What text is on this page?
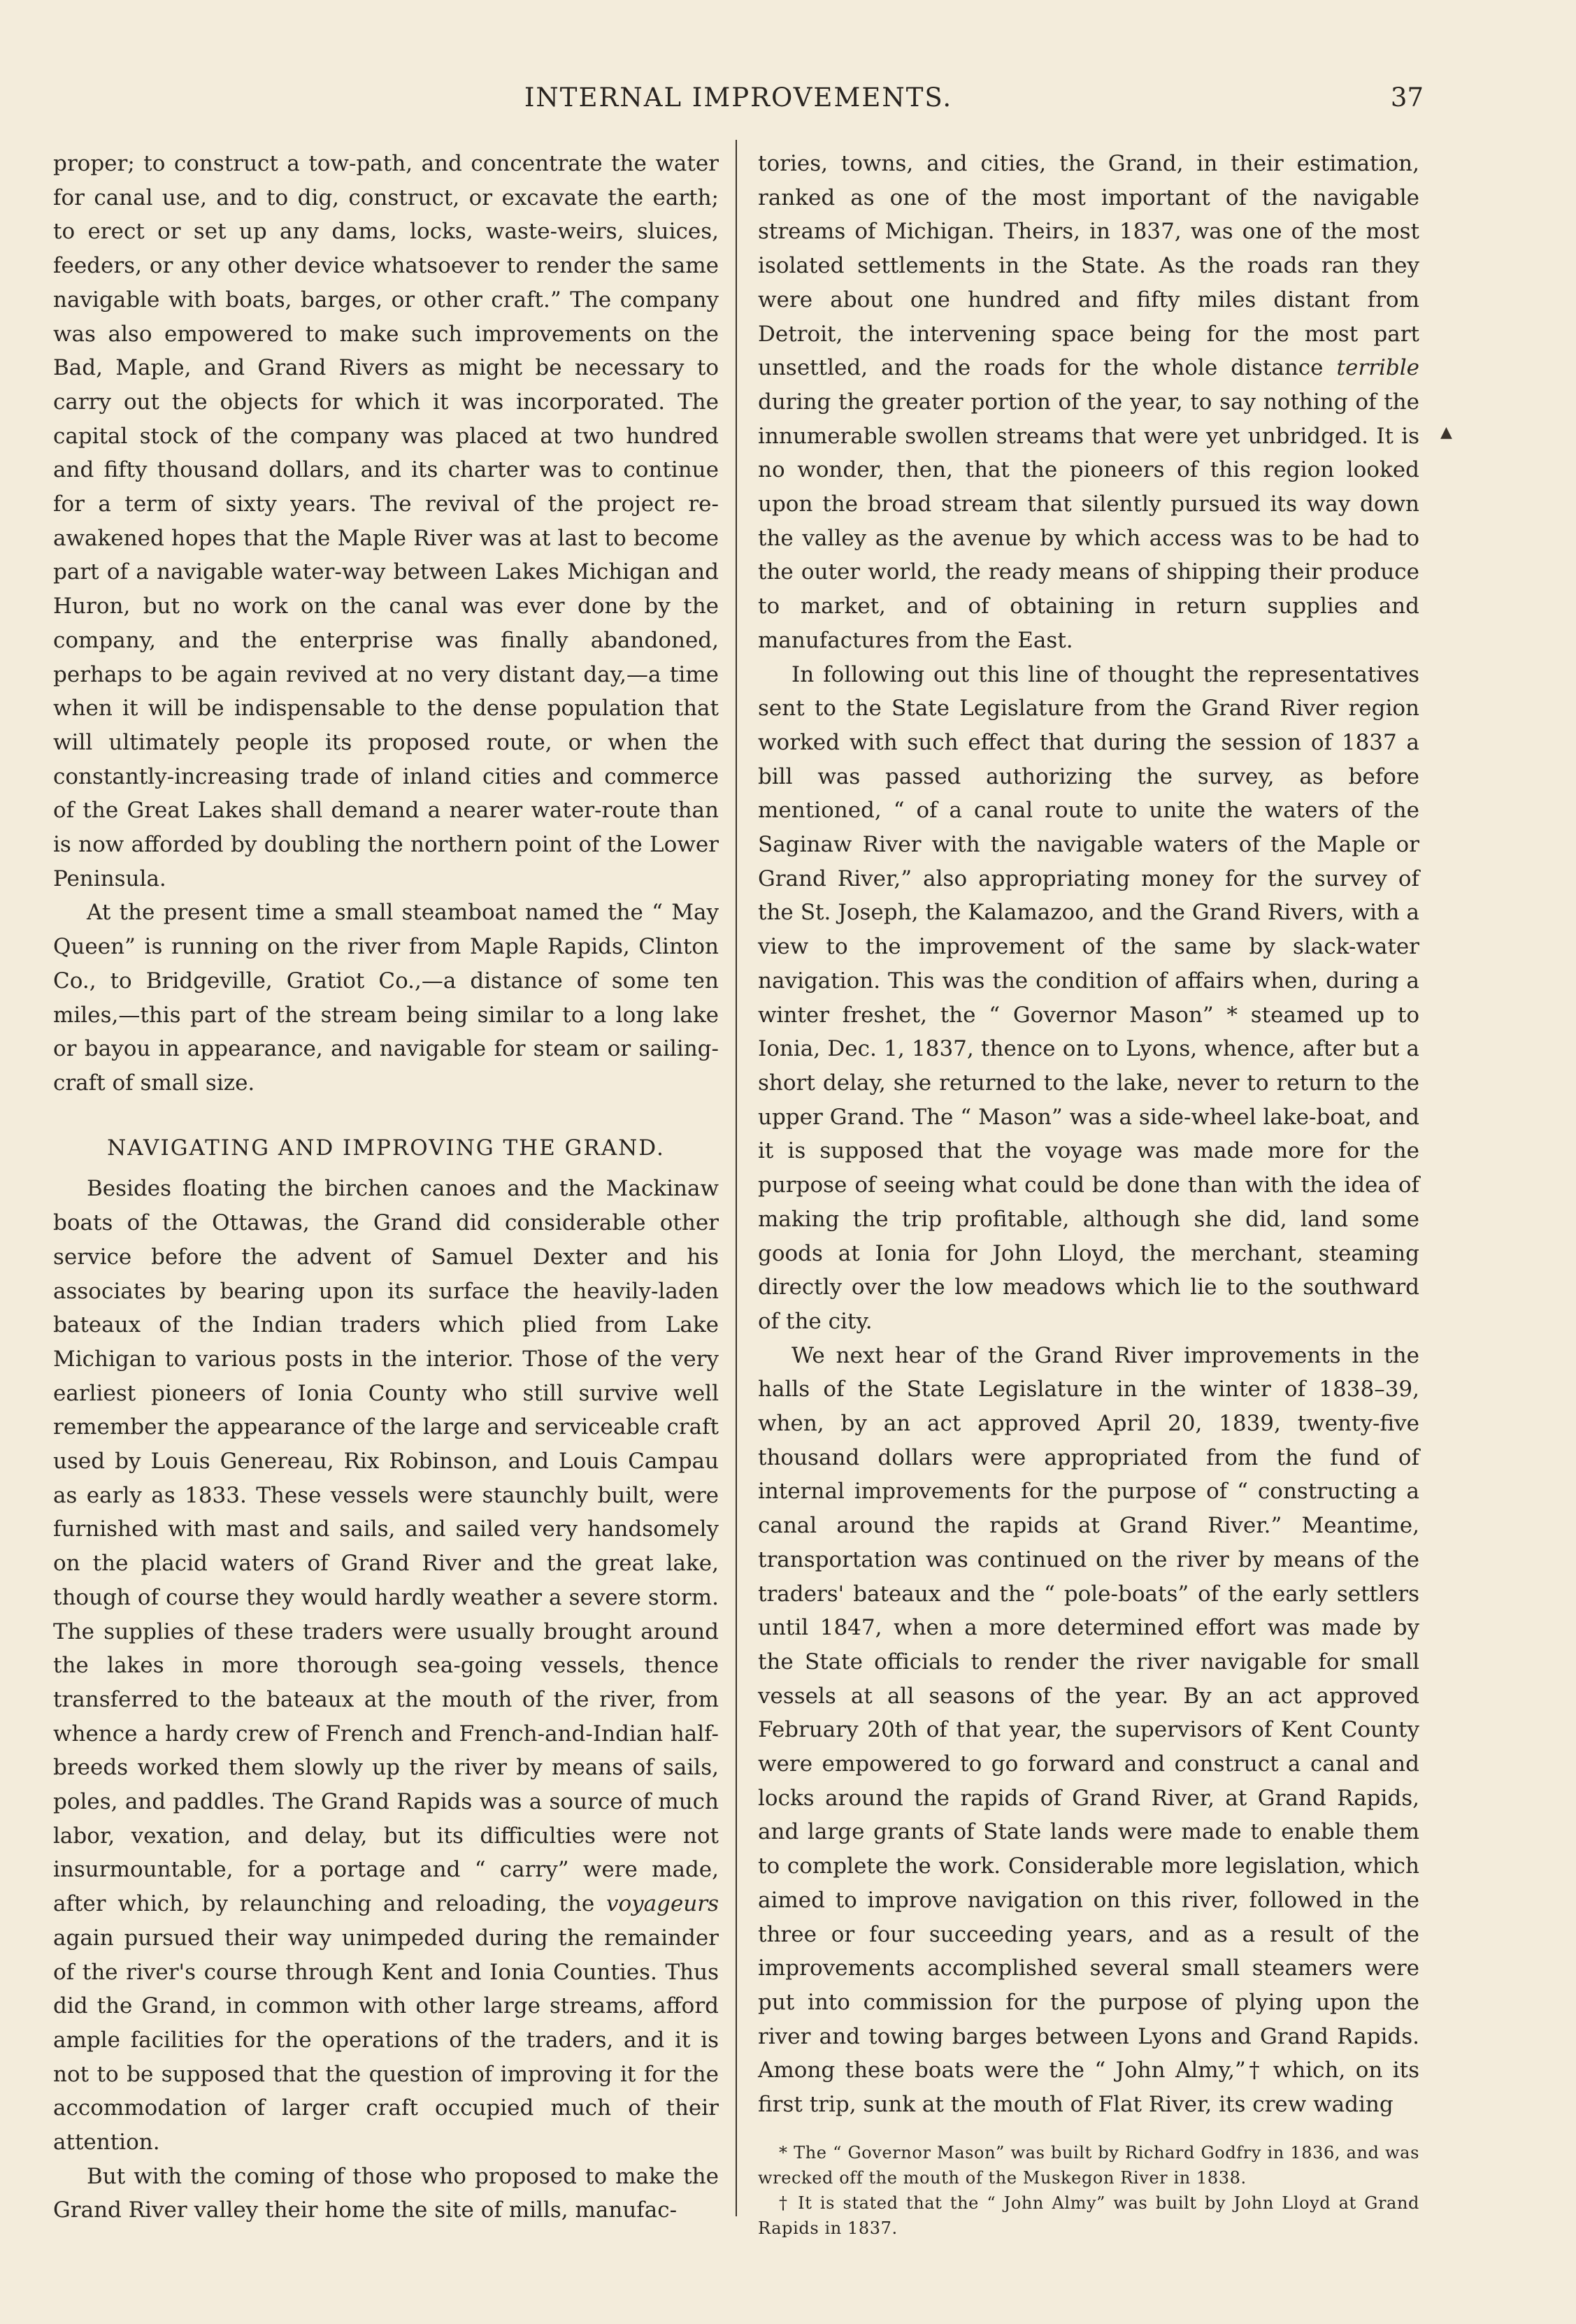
INTERNAL IMPROVEMENTS.	37

proper; to construct a tow-path, and concentrate the water for canal use, and to dig, construct, or excavate the earth; to erect or set up any dams, locks, waste-weirs, sluices, feeders, or any other device whatsoever to render the same navigable with boats, barges, or other craft.” The company was also empowered to make such improvements on the Bad, Maple, and Grand Rivers as might be necessary to carry out the objects for which it was incorporated. The capital stock of the company was placed at two hundred and fifty thousand dollars, and its charter was to continue for a term of sixty years. The revival of the project re-awakened hopes that the Maple River was at last to become part of a navigable water-way between Lakes Michigan and Huron, but no work on the canal was ever done by the company, and the enterprise was finally abandoned, perhaps to be again revived at no very distant day,—a time when it will be indispensable to the dense population that will ultimately people its proposed route, or when the constantly-increasing trade of inland cities and commerce of the Great Lakes shall demand a nearer water-route than is now afforded by doubling the northern point of the Lower Peninsula.

At the present time a small steamboat named the “ May Queen” is running on the river from Maple Rapids, Clinton Co., to Bridgeville, Gratiot Co.,—a distance of some ten miles,—this part of the stream being similar to a long lake or bayou in appearance, and navigable for steam or sailing-craft of small size.

NAVIGATING AND IMPROVING THE GRAND.

Besides floating the birchen canoes and the Mackinaw boats of the Ottawas, the Grand did considerable other service before the advent of Samuel Dexter and his associates by bearing upon its surface the heavily-laden bateaux of the Indian traders which plied from Lake Michigan to various posts in the interior. Those of the very earliest pioneers of Ionia County who still survive well remember the appearance of the large and serviceable craft used by Louis Genereau, Rix Robinson, and Louis Campau as early as 1833. These vessels were staunchly built, were furnished with mast and sails, and sailed very handsomely on the placid waters of Grand River and the great lake, though of course they would hardly weather a severe storm. The supplies of these traders were usually brought around the lakes in more thorough sea-going vessels, thence transferred to the bateaux at the mouth of the river, from whence a hardy crew of French and French-and-Indian half-breeds worked them slowly up the river by means of sails, poles, and paddles. The Grand Rapids was a source of much labor, vexation, and delay, but its difficulties were not insurmountable, for a portage and “ carry” were made, after which, by relaunching and reloading, the voyageurs again pursued their way unimpeded during the remainder of the river's course through Kent and Ionia Counties. Thus did the Grand, in common with other large streams, afford ample facilities for the operations of the traders, and it is not to be supposed that the question of improving it for the accommodation of larger craft occupied much of their attention.

But with the coming of those who proposed to make the Grand River valley their home the site of mills, manufac-

tories, towns, and cities, the Grand, in their estimation, ranked as one of the most important of the navigable streams of Michigan. Theirs, in 1837, was one of the most isolated settlements in the State. As the roads ran they were about one hundred and fifty miles distant from Detroit, the intervening space being for the most part unsettled, and the roads for the whole distance terrible during the greater portion of the year, to say nothing of the innumerable swollen streams that were yet unbridged. It is no wonder, then, that the pioneers of this region looked upon the broad stream that silently pursued its way down the valley as the avenue by which access was to be had to the outer world, the ready means of shipping their produce to market, and of obtaining in return supplies and manufactures from the East.

In following out this line of thought the representatives sent to the State Legislature from the Grand River region worked with such effect that during the session of 1837 a bill was passed authorizing the survey, as before mentioned, “ of a canal route to unite the waters of the Saginaw River with the navigable waters of the Maple or Grand River,” also appropriating money for the survey of the St. Joseph, the Kalamazoo, and the Grand Rivers, with a view to the improvement of the same by slack-water navigation. This was the condition of affairs when, during a winter freshet, the “ Governor Mason” * steamed up to Ionia, Dec. 1, 1837, thence on to Lyons, whence, after but a short delay, she returned to the lake, never to return to the upper Grand. The “ Mason” was a side-wheel lake-boat, and it is supposed that the voyage was made more for the purpose of seeing what could be done than with the idea of making the trip profitable, although she did, land some goods at Ionia for John Lloyd, the merchant, steaming directly over the low meadows which lie to the southward of the city.

We next hear of the Grand River improvements in the halls of the State Legislature in the winter of 1838–39, when, by an act approved April 20, 1839, twenty-five thousand dollars were appropriated from the fund of internal improvements for the purpose of “ constructing a canal around the rapids at Grand River.” Meantime, transportation was continued on the river by means of the traders' bateaux and the “ pole-boats” of the early settlers until 1847, when a more determined effort was made by the State officials to render the river navigable for small vessels at all seasons of the year. By an act approved February 20th of that year, the supervisors of Kent County were empowered to go forward and construct a canal and locks around the rapids of Grand River, at Grand Rapids, and large grants of State lands were made to enable them to complete the work. Considerable more legislation, which aimed to improve navigation on this river, followed in the three or four succeeding years, and as a result of the improvements accomplished several small steamers were put into commission for the purpose of plying upon the river and towing barges between Lyons and Grand Rapids. Among these boats were the “ John Almy,”† which, on its first trip, sunk at the mouth of Flat River, its crew wading

* The “ Governor Mason” was built by Richard Godfry in 1836, and was wrecked off the mouth of the Muskegon River in 1838.

† It is stated that the “ John Almy” was built by John Lloyd at Grand Rapids in 1837.

▲
